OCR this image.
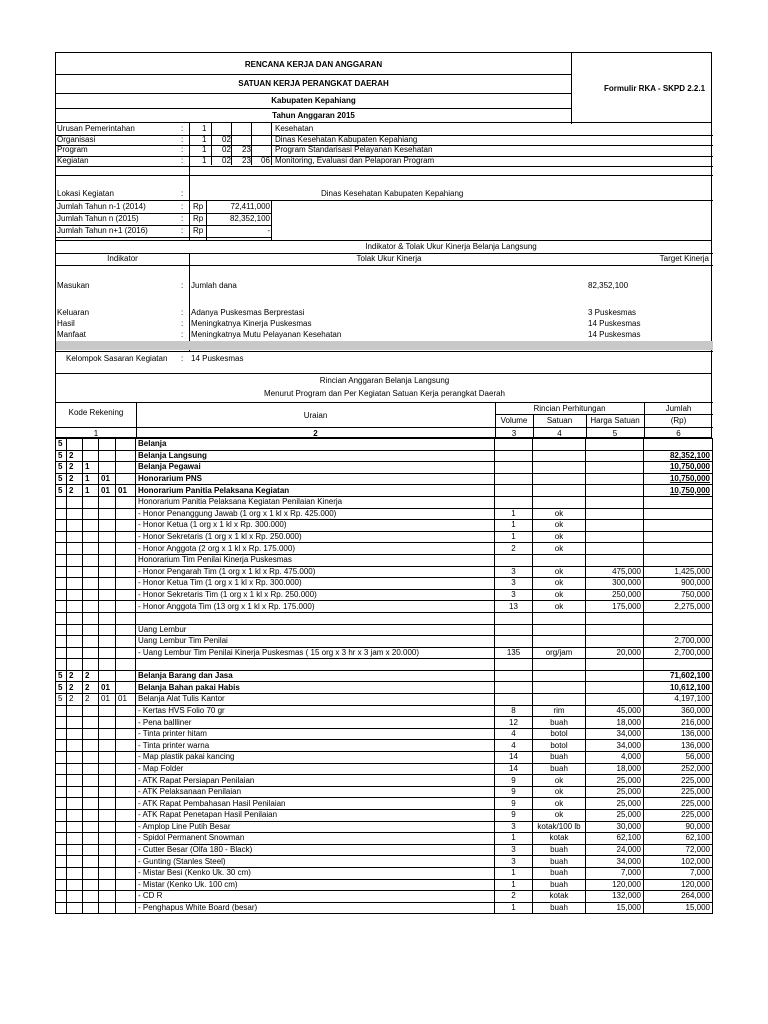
RENCANA KERJA DAN ANGGARAN
SATUAN KERJA PERANGKAT DAERAH
Kabupaten Kepahiang
Tahun Anggaran 2015
Formulir RKA - SKPD 2.2.1
Urusan Pemerintahan	: 1	Kesehatan
Organisasi	: 1 02	Dinas Kesehatan Kabupaten Kepahiang
Program	: 1 02 23	Program Standarisasi Pelayanan Kesehatan
Kegiatan	: 1 02 23 06 Monitoring, Evaluasi dan Pelaporan Program
Lokasi Kegiatan	:	Dinas Kesehatan Kabupaten Kepahiang
Jumlah Tahun n-1 (2014)	: Rp	72,411,000
Jumlah Tahun n (2015)	: Rp	82,352,100
Jumlah Tahun n+1 (2016)	: Rp	-
Indikator & Tolak Ukur Kinerja Belanja Langsung
Indikator	Tolak Ukur Kinerja	Target Kinerja
Masukan	: Jumlah dana	82,352,100
Keluaran	: Adanya Puskesmas Berprestasi	3 Puskesmas
Hasil	: Meningkatnya Kinerja Puskesmas	14 Puskesmas
Manfaat	: Meningkatnya Mutu Pelayanan Kesehatan	14 Puskesmas
Kelompok Sasaran Kegiatan : 14 Puskesmas
Rincian Anggaran Belanja Langsung
Menurut Program dan Per Kegiatan Satuan Kerja perangkat Daerah
Kode Rekening	Uraian
Rincian Perhitungan	Jumlah
Volume	Satuan	Harga Satuan	(Rp)
1	2	3	4	5	6
5					Belanja				
5	2				Belanja Langsung				82,352,100
5	2	1			Belanja Pegawai				10,750,000
5	2	1	01		Honorarium PNS				10,750,000
5	2	1	01	01	Honorarium Panitia Pelaksana Kegiatan				10,750,000
					Honorarium Panitia Pelaksana Kegiatan Penilaian Kinerja				
					- Honor Penanggung Jawab (1 org x 1 kl x Rp. 425.000)	1	ok		
					- Honor Ketua (1 org x 1 kl x Rp. 300.000)	1	ok		
					- Honor Sekretaris (1 org x 1 kl x Rp. 250.000)	1	ok		
					- Honor Anggota (2 org x 1 kl x Rp. 175.000)	2	ok		
					Honorarium Tim Penilai Kinerja Puskesmas				
					- Honor Pengarah Tim (1 org x 1 kl x Rp. 475.000)	3	ok	475,000	1,425,000
					- Honor Ketua Tim (1 org x 1 kl x Rp. 300.000)	3	ok	300,000	900,000
					- Honor Sekretaris Tim (1 org x 1 kl x Rp. 250.000)	3	ok	250,000	750,000
					- Honor Anggota Tim (13 org x 1 kl x Rp. 175.000)	13	ok	175,000	2,275,000

					Uang Lembur				
					Uang Lembur Tim Penilai				2,700,000
					- Uang Lembur Tim Penilai Kinerja Puskesmas ( 15 org x 3 hr x 3 jam x 20.000)	135	org/jam	20,000	2,700,000

5	2	2			Belanja Barang dan Jasa				71,602,100
5	2	2	01		Belanja Bahan pakai Habis				10,612,100
5	2	2	01	01	Belanja Alat Tulis Kantor				4,197,100
					- Kertas HVS Folio 70 gr	8	rim	45,000	360,000
					- Pena ballliner	12	buah	18,000	216,000
					- Tinta printer hitam	4	botol	34,000	136,000
					- Tinta printer warna	4	botol	34,000	136,000
					- Map plastik pakai kancing	14	buah	4,000	56,000
					- Map Folder	14	buah	18,000	252,000
					- ATK Rapat Persiapan Penilaian	9	ok	25,000	225,000
					- ATK Pelaksanaan Penilaian	9	ok	25,000	225,000
					- ATK Rapat Pembahasan Hasil Penilaian	9	ok	25,000	225,000
					- ATK Rapat Penetapan Hasil Penilaian	9	ok	25,000	225,000
					- Amplop Line Putih Besar	3	kotak/100 lb	30,000	90,000
					- Spidol Permanent Snowman	1	kotak	62,100	62,100
					- Cutter Besar (Olfa 180 - Black)	3	buah	24,000	72,000
					- Gunting (Stanles Steel)	3	buah	34,000	102,000
					- Mistar Besi (Kenko Uk. 30 cm)	1	buah	7,000	7,000
					- Mistar (Kenko Uk. 100 cm)	1	buah	120,000	120,000
					- CD R	2	kotak	132,000	264,000
					- Penghapus White Board (besar)	1	buah	15,000	15,000
